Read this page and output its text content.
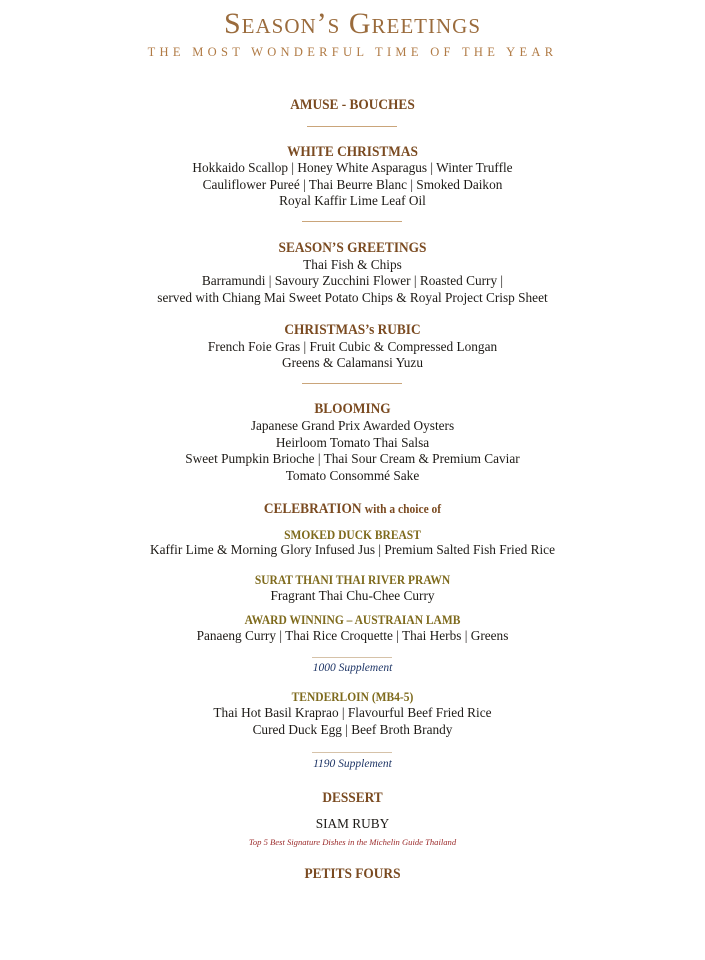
Season’s Greetings
THE MOST WONDERFUL TIME OF THE YEAR
AMUSE - BOUCHES
WHITE CHRISTMAS
Hokkaido Scallop | Honey White Asparagus | Winter Truffle
Cauliflower Pureé | Thai Beurre Blanc | Smoked Daikon
Royal Kaffir Lime Leaf Oil
SEASON’S GREETINGS
Thai Fish & Chips
Barramundi | Savoury Zucchini Flower | Roasted Curry |
served with Chiang Mai Sweet Potato Chips & Royal Project Crisp Sheet
CHRISTMAS’s RUBIC
French Foie Gras | Fruit Cubic & Compressed Longan
Greens & Calamansi Yuzu
BLOOMING
Japanese Grand Prix Awarded Oysters
Heirloom Tomato Thai Salsa
Sweet Pumpkin Brioche | Thai Sour Cream & Premium Caviar
Tomato Consommé Sake
CELEBRATION with a choice of
SMOKED DUCK BREAST
Kaffir Lime & Morning Glory Infused Jus | Premium Salted Fish Fried Rice
SURAT THANI THAI RIVER PRAWN
Fragrant Thai Chu-Chee Curry
AWARD WINNING – AUSTRAIAN LAMB
Panaeng Curry | Thai Rice Croquette | Thai Herbs | Greens
1000 Supplement
TENDERLOIN (MB4-5)
Thai Hot Basil Kraprao | Flavourful Beef Fried Rice
Cured Duck Egg | Beef Broth Brandy
1190 Supplement
DESSERT
SIAM RUBY
Top 5 Best Signature Dishes in the Michelin Guide Thailand
PETITS FOURS
